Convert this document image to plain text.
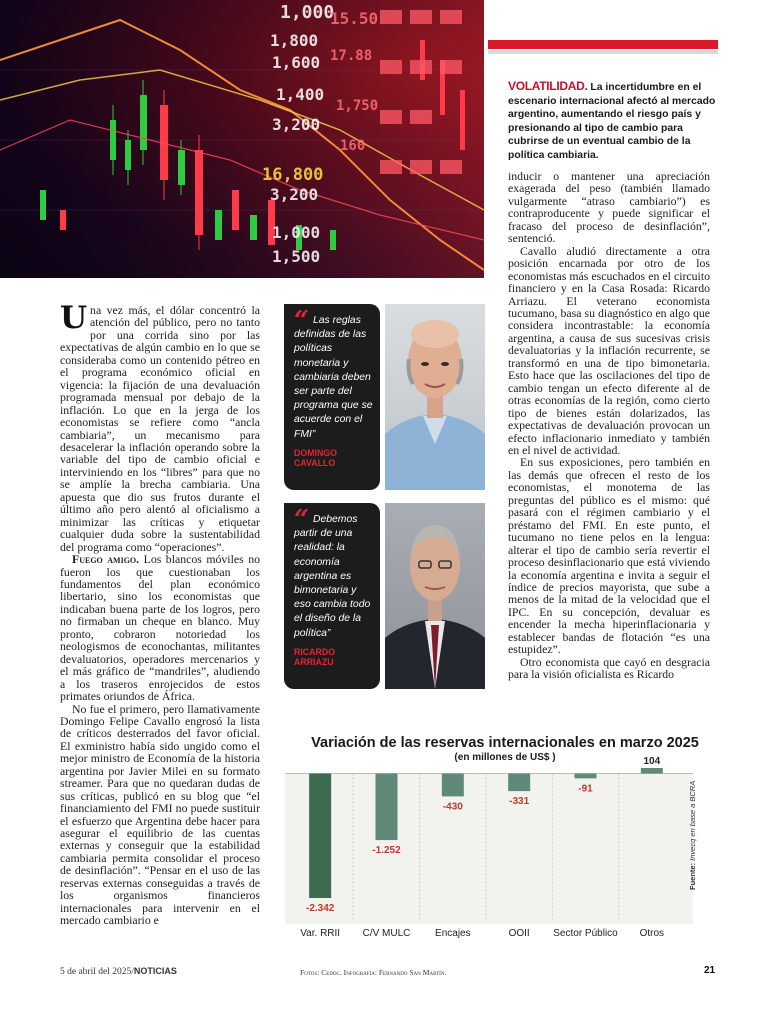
1,000
15.50
1,800
1,600
3,200
16,800
3,200
1,000
1,500
1,400
17.88
160
1,750
VOLATILIDAD. La incertidumbre en el escenario internacional afectó al mercado argentino, aumentando el riesgo país y presionando al tipo de cambio para cubrirse de un eventual cambio de la política cambiaria.

Una vez más, el dólar concentró la atención del público, pero no tanto por una corrida sino por las expectativas de algún cambio en lo que se consideraba como un contenido pétreo en el programa económico oficial en vigencia: la fijación de una devaluación programada mensual por debajo de la inflación. Lo que en la jerga de los economistas se refiere como “ancla cambiaria”, un mecanismo para desacelerar la inflación operando sobre la variable del tipo de cambio oficial e interviniendo en los “libres” para que no se amplíe la brecha cambiaria. Una apuesta que dio sus frutos durante el último año pero alentó al oficialismo a minimizar las críticas y etiquetar cualquier duda sobre la sustentabilidad del programa como “operaciones”.

Fuego amigo. Los blancos móviles no fueron los que cuestionaban los fundamentos del plan económico libertario, sino los economistas que indicaban buena parte de los logros, pero no firmaban un cheque en blanco. Muy pronto, cobraron notoriedad los neologismos de econochantas, militantes devaluatorios, operadores mercenarios y el más gráfico de “mandriles”, aludiendo a los traseros enrojecidos de estos primates oriundos de África.

No fue el primero, pero llamativamente Domingo Felipe Cavallo engrosó la lista de críticos desterrados del favor oficial. El exministro había sido ungido como el mejor ministro de Economía de la historia argentina por Javier Milei en su formato streamer. Para que no quedaran dudas de sus críticas, publicó en su blog que “el financiamiento del FMI no puede sustituir el esfuerzo que Argentina debe hacer para asegurar el equilibrio de las cuentas externas y conseguir que la estabilidad cambiaria permita consolidar el proceso de desinflación”. “Pensar en el uso de las reservas externas conseguidas a través de los organismos financieros internacionales para intervenir en el mercado cambiario e

“ Las reglas definidas de las políticas monetaria y cambiaria deben ser parte del programa que se acuerde con el FMI”
DOMINGO
CAVALLO
“ Debemos partir de una realidad: la economía argentina es bimonetaria y eso cambia todo el diseño de la política”
RICARDO
ARRIAZU

inducir o mantener una apreciación exagerada del peso (también llamado vulgarmente “atraso cambiario”) es contraproducente y puede significar el fracaso del proceso de desinflación”, sentenció.

Cavallo aludió directamente a otra posición encarnada por otro de los economistas más escuchados en el circuito financiero y en la Casa Rosada: Ricardo Arriazu. El veterano economista tucumano, basa su diagnóstico en algo que considera incontrastable: la economía argentina, a causa de sus sucesivas crisis devaluatorias y la inflación recurrente, se transformó en una de tipo bimonetaria. Esto hace que las oscilaciones del tipo de cambio tengan un efecto diferente al de otras economías de la región, como cierto tipo de bienes están dolarizados, las expectativas de devaluación provocan un efecto inflacionario inmediato y también en el nivel de actividad.

En sus exposiciones, pero también en las demás que ofrecen el resto de los economistas, el monotema de las preguntas del público es el mismo: qué pasará con el régimen cambiario y el préstamo del FMI. En este punto, el tucumano no tiene pelos en la lengua: alterar el tipo de cambio sería revertir el proceso desinflacionario que está viviendo la economía argentina e invita a seguir el índice de precios mayorista, que sube a menos de la mitad de la velocidad que el IPC. En su concepción, devaluar es encender la mecha hiperinflacionaria y establecer bandas de flotación “es una estupidez”.

Otro economista que cayó en desgracia para la visión oficialista es Ricardo

Variación de las reservas internacionales en marzo 2025
(en millones de US$ )
-2.342
Var. RRII
-1.252
C/V MULC
-430
Encajes
-331
OOII
-91
Sector Público
104
Otros
Fuente: Invecq en base a BCRA
5 de abril del 2025/NOTICIAS	Fotos: Cedoc. Infografía: Fernando San Martín.	21
